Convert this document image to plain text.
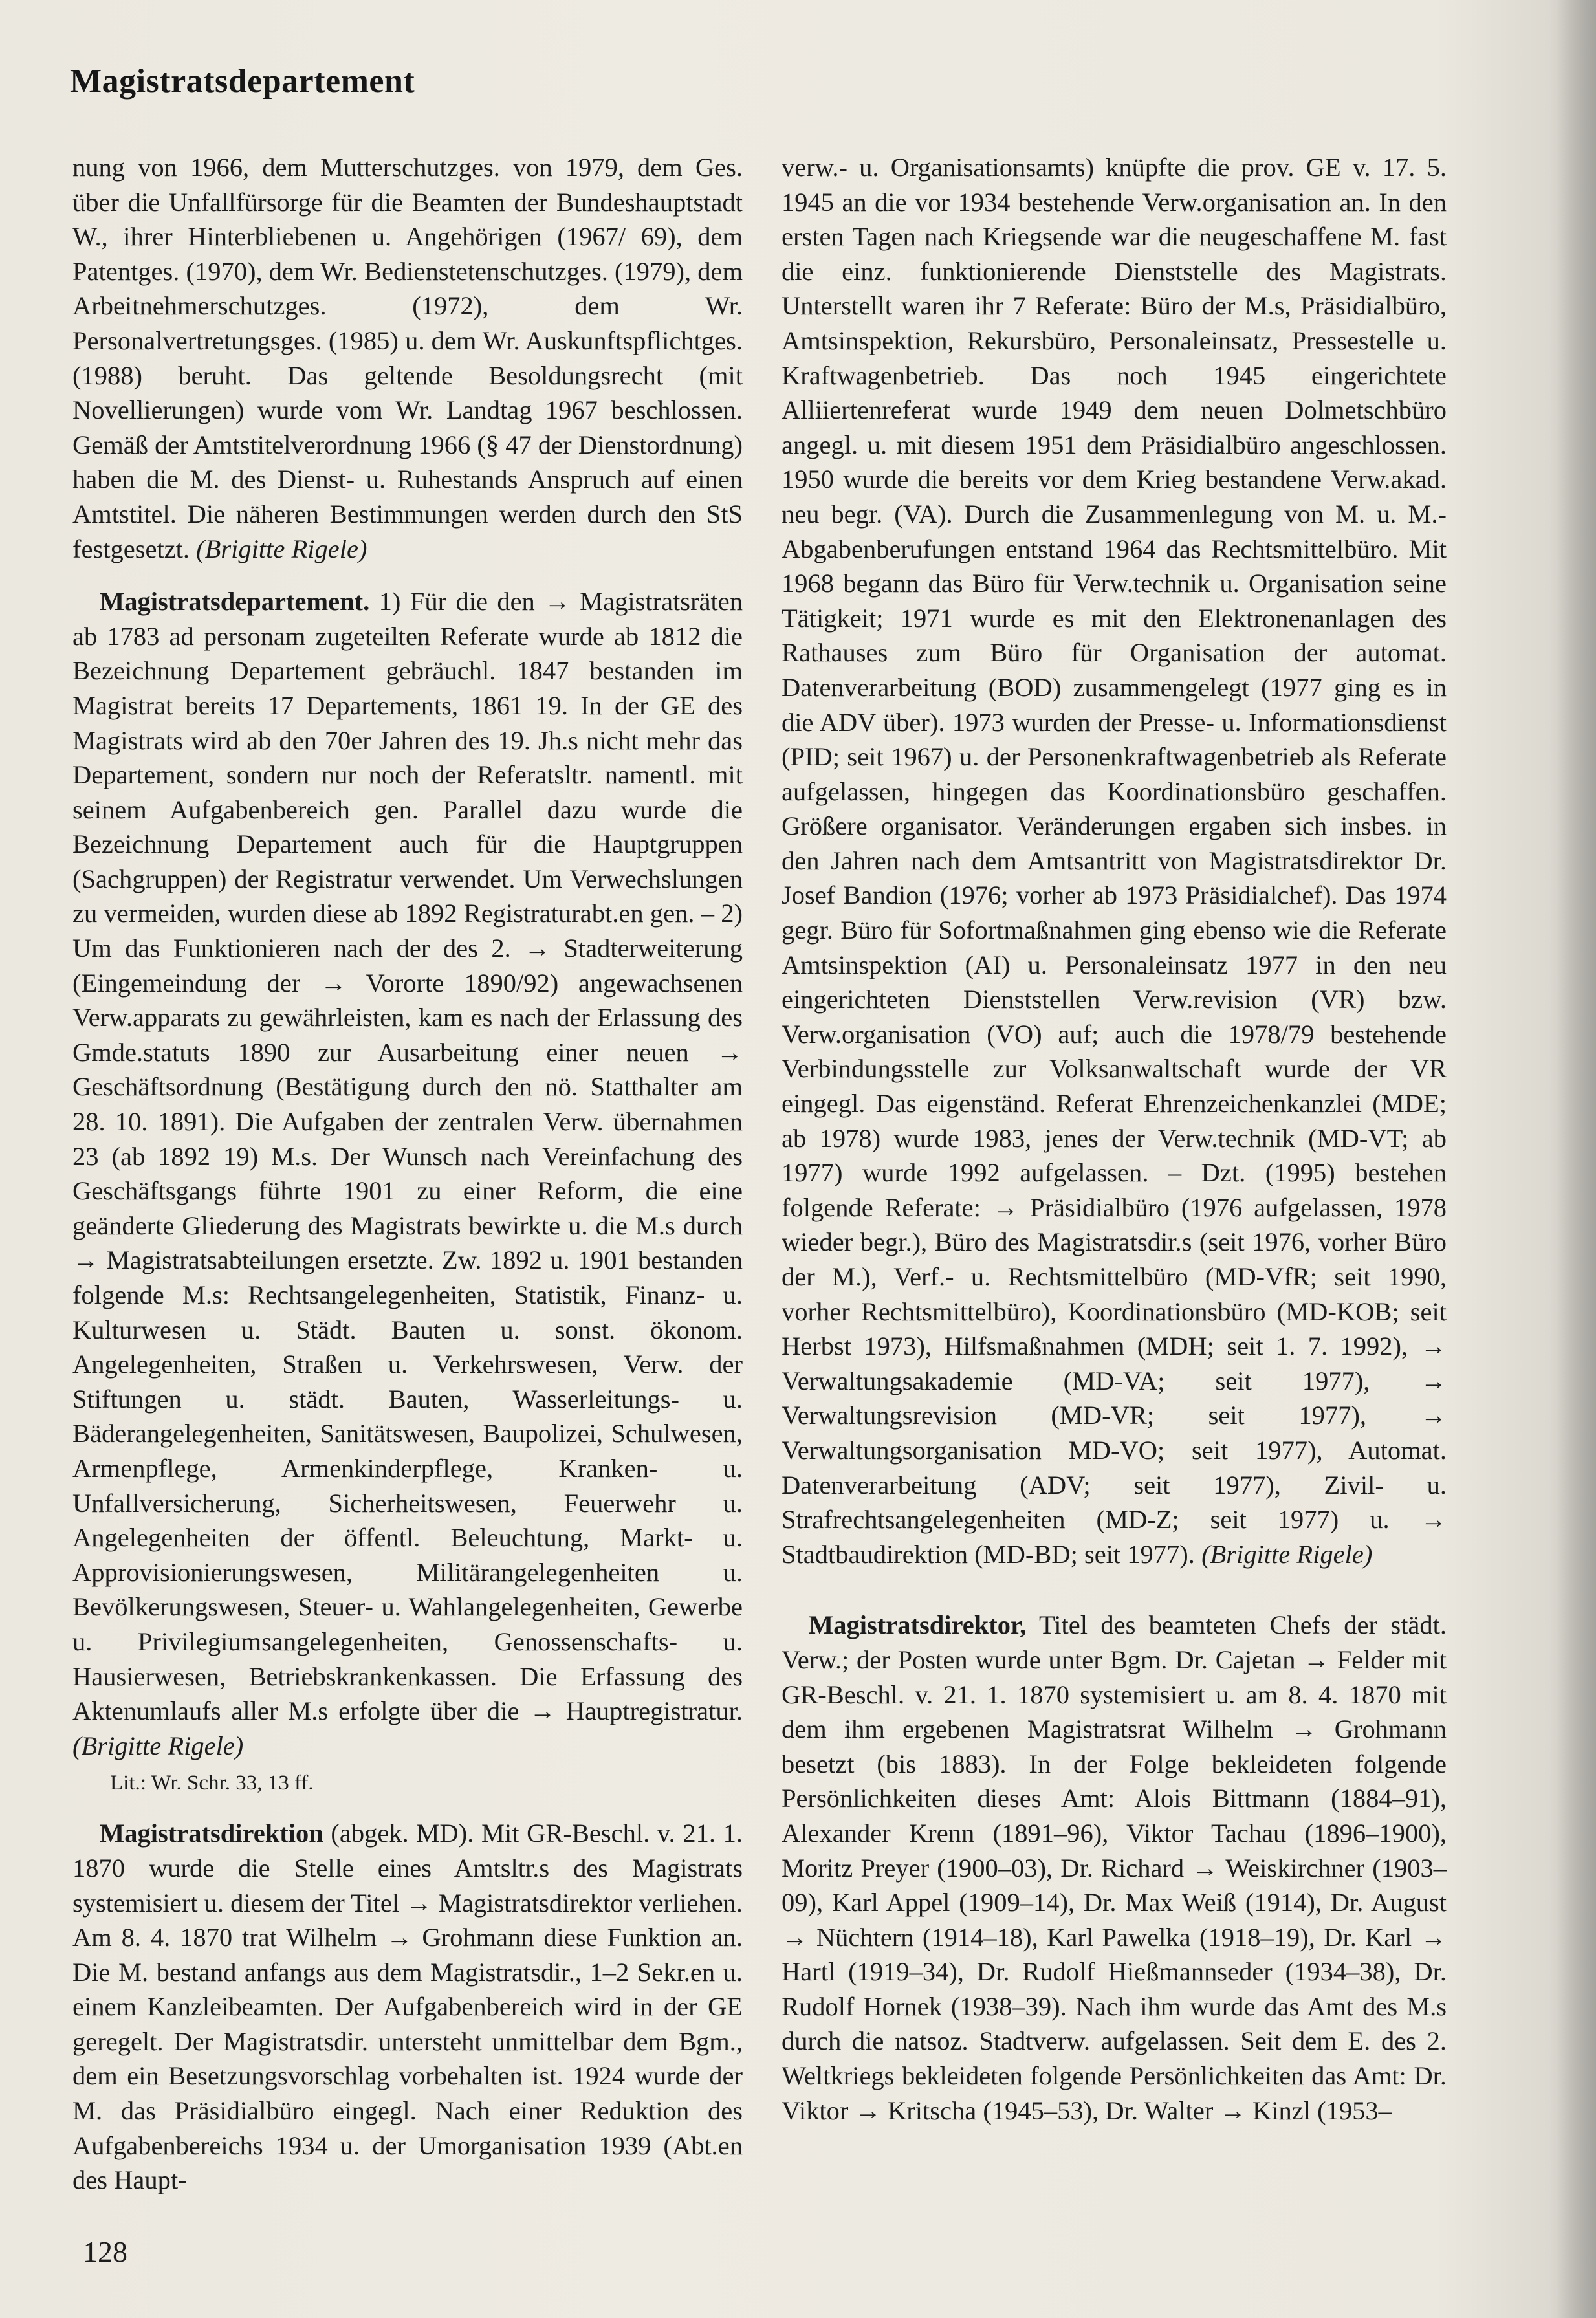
Magistratsdepartement

nung von 1966, dem Mutterschutzges. von 1979, dem Ges. über die Unfallfürsorge für die Beamten der Bundeshauptstadt W., ihrer Hinterbliebenen u. Angehörigen (1967/ 69), dem Patentges. (1970), dem Wr. Bedienstetenschutzges. (1979), dem Arbeitnehmerschutzges. (1972), dem Wr. Personalvertretungsges. (1985) u. dem Wr. Auskunftspflichtges. (1988) beruht. Das geltende Besoldungsrecht (mit Novellierungen) wurde vom Wr. Landtag 1967 beschlossen. Gemäß der Amtstitelverordnung 1966 (§ 47 der Dienstordnung) haben die M. des Dienst- u. Ruhestands Anspruch auf einen Amtstitel. Die näheren Bestimmungen werden durch den StS festgesetzt. (Brigitte Rigele)

Magistratsdepartement. 1) Für die den → Magistratsräten ab 1783 ad personam zugeteilten Referate wurde ab 1812 die Bezeichnung Departement gebräuchl. 1847 bestanden im Magistrat bereits 17 Departements, 1861 19. In der GE des Magistrats wird ab den 70er Jahren des 19. Jh.s nicht mehr das Departement, sondern nur noch der Referatsltr. namentl. mit seinem Aufgabenbereich gen. Parallel dazu wurde die Bezeichnung Departement auch für die Hauptgruppen (Sachgruppen) der Registratur verwendet. Um Verwechslungen zu vermeiden, wurden diese ab 1892 Registraturabt.en gen. – 2) Um das Funktionieren nach der des 2. → Stadterweiterung (Eingemeindung der → Vororte 1890/92) angewachsenen Verw.apparats zu gewährleisten, kam es nach der Erlassung des Gmde.statuts 1890 zur Ausarbeitung einer neuen → Geschäftsordnung (Bestätigung durch den nö. Statthalter am 28. 10. 1891). Die Aufgaben der zentralen Verw. übernahmen 23 (ab 1892 19) M.s. Der Wunsch nach Vereinfachung des Geschäftsgangs führte 1901 zu einer Reform, die eine geänderte Gliederung des Magistrats bewirkte u. die M.s durch → Magistratsabteilungen ersetzte. Zw. 1892 u. 1901 bestanden folgende M.s: Rechtsangelegenheiten, Statistik, Finanz- u. Kulturwesen u. Städt. Bauten u. sonst. ökonom. Angelegenheiten, Straßen u. Verkehrswesen, Verw. der Stiftungen u. städt. Bauten, Wasserleitungs- u. Bäderangelegenheiten, Sanitätswesen, Baupolizei, Schulwesen, Armenpflege, Armenkinderpflege, Kranken- u. Unfallversicherung, Sicherheitswesen, Feuerwehr u. Angelegenheiten der öffentl. Beleuchtung, Markt- u. Approvisionierungswesen, Militärangelegenheiten u. Bevölkerungswesen, Steuer- u. Wahlangelegenheiten, Gewerbe u. Privilegiumsangelegenheiten, Genossenschafts- u. Hausierwesen, Betriebskrankenkassen. Die Erfassung des Aktenumlaufs aller M.s erfolgte über die → Hauptregistratur. (Brigitte Rigele)

Lit.: Wr. Schr. 33, 13 ff.

Magistratsdirektion (abgek. MD). Mit GR-Beschl. v. 21. 1. 1870 wurde die Stelle eines Amtsltr.s des Magistrats systemisiert u. diesem der Titel → Magistratsdirektor verliehen. Am 8. 4. 1870 trat Wilhelm → Grohmann diese Funktion an. Die M. bestand anfangs aus dem Magistratsdir., 1–2 Sekr.en u. einem Kanzleibeamten. Der Aufgabenbereich wird in der GE geregelt. Der Magistratsdir. untersteht unmittelbar dem Bgm., dem ein Besetzungsvorschlag vorbehalten ist. 1924 wurde der M. das Präsidialbüro eingegl. Nach einer Reduktion des Aufgabenbereichs 1934 u. der Umorganisation 1939 (Abt.en des Haupt-

verw.- u. Organisationsamts) knüpfte die prov. GE v. 17. 5. 1945 an die vor 1934 bestehende Verw.organisation an. In den ersten Tagen nach Kriegsende war die neugeschaffene M. fast die einz. funktionierende Dienststelle des Magistrats. Unterstellt waren ihr 7 Referate: Büro der M.s, Präsidialbüro, Amtsinspektion, Rekursbüro, Personaleinsatz, Pressestelle u. Kraftwagenbetrieb. Das noch 1945 eingerichtete Alliiertenreferat wurde 1949 dem neuen Dolmetschbüro angegl. u. mit diesem 1951 dem Präsidialbüro angeschlossen. 1950 wurde die bereits vor dem Krieg bestandene Verw.akad. neu begr. (VA). Durch die Zusammenlegung von M. u. M.-Abgabenberufungen entstand 1964 das Rechtsmittelbüro. Mit 1968 begann das Büro für Verw.technik u. Organisation seine Tätigkeit; 1971 wurde es mit den Elektronenanlagen des Rathauses zum Büro für Organisation der automat. Datenverarbeitung (BOD) zusammengelegt (1977 ging es in die ADV über). 1973 wurden der Presse- u. Informationsdienst (PID; seit 1967) u. der Personenkraftwagenbetrieb als Referate aufgelassen, hingegen das Koordinationsbüro geschaffen. Größere organisator. Veränderungen ergaben sich insbes. in den Jahren nach dem Amtsantritt von Magistratsdirektor Dr. Josef Bandion (1976; vorher ab 1973 Präsidialchef). Das 1974 gegr. Büro für Sofortmaßnahmen ging ebenso wie die Referate Amtsinspektion (AI) u. Personaleinsatz 1977 in den neu eingerichteten Dienststellen Verw.revision (VR) bzw. Verw.organisation (VO) auf; auch die 1978/79 bestehende Verbindungsstelle zur Volksanwaltschaft wurde der VR eingegl. Das eigenständ. Referat Ehrenzeichenkanzlei (MDE; ab 1978) wurde 1983, jenes der Verw.technik (MD-VT; ab 1977) wurde 1992 aufgelassen. – Dzt. (1995) bestehen folgende Referate: → Präsidialbüro (1976 aufgelassen, 1978 wieder begr.), Büro des Magistratsdir.s (seit 1976, vorher Büro der M.), Verf.- u. Rechtsmittelbüro (MD-VfR; seit 1990, vorher Rechtsmittelbüro), Koordinationsbüro (MD-KOB; seit Herbst 1973), Hilfsmaßnahmen (MDH; seit 1. 7. 1992), → Verwaltungsakademie (MD-VA; seit 1977), → Verwaltungsrevision (MD-VR; seit 1977), → Verwaltungsorganisation MD-VO; seit 1977), Automat. Datenverarbeitung (ADV; seit 1977), Zivil- u. Strafrechtsangelegenheiten (MD-Z; seit 1977) u. → Stadtbaudirektion (MD-BD; seit 1977). (Brigitte Rigele)

Magistratsdirektor, Titel des beamteten Chefs der städt. Verw.; der Posten wurde unter Bgm. Dr. Cajetan → Felder mit GR-Beschl. v. 21. 1. 1870 systemisiert u. am 8. 4. 1870 mit dem ihm ergebenen Magistratsrat Wilhelm → Grohmann besetzt (bis 1883). In der Folge bekleideten folgende Persönlichkeiten dieses Amt: Alois Bittmann (1884–91), Alexander Krenn (1891–96), Viktor Tachau (1896–1900), Moritz Preyer (1900–03), Dr. Richard → Weiskirchner (1903–09), Karl Appel (1909–14), Dr. Max Weiß (1914), Dr. August → Nüchtern (1914–18), Karl Pawelka (1918–19), Dr. Karl → Hartl (1919–34), Dr. Rudolf Hießmannseder (1934–38), Dr. Rudolf Hornek (1938–39). Nach ihm wurde das Amt des M.s durch die natsoz. Stadtverw. aufgelassen. Seit dem E. des 2. Weltkriegs bekleideten folgende Persönlichkeiten das Amt: Dr. Viktor → Kritscha (1945–53), Dr. Walter → Kinzl (1953–

128
